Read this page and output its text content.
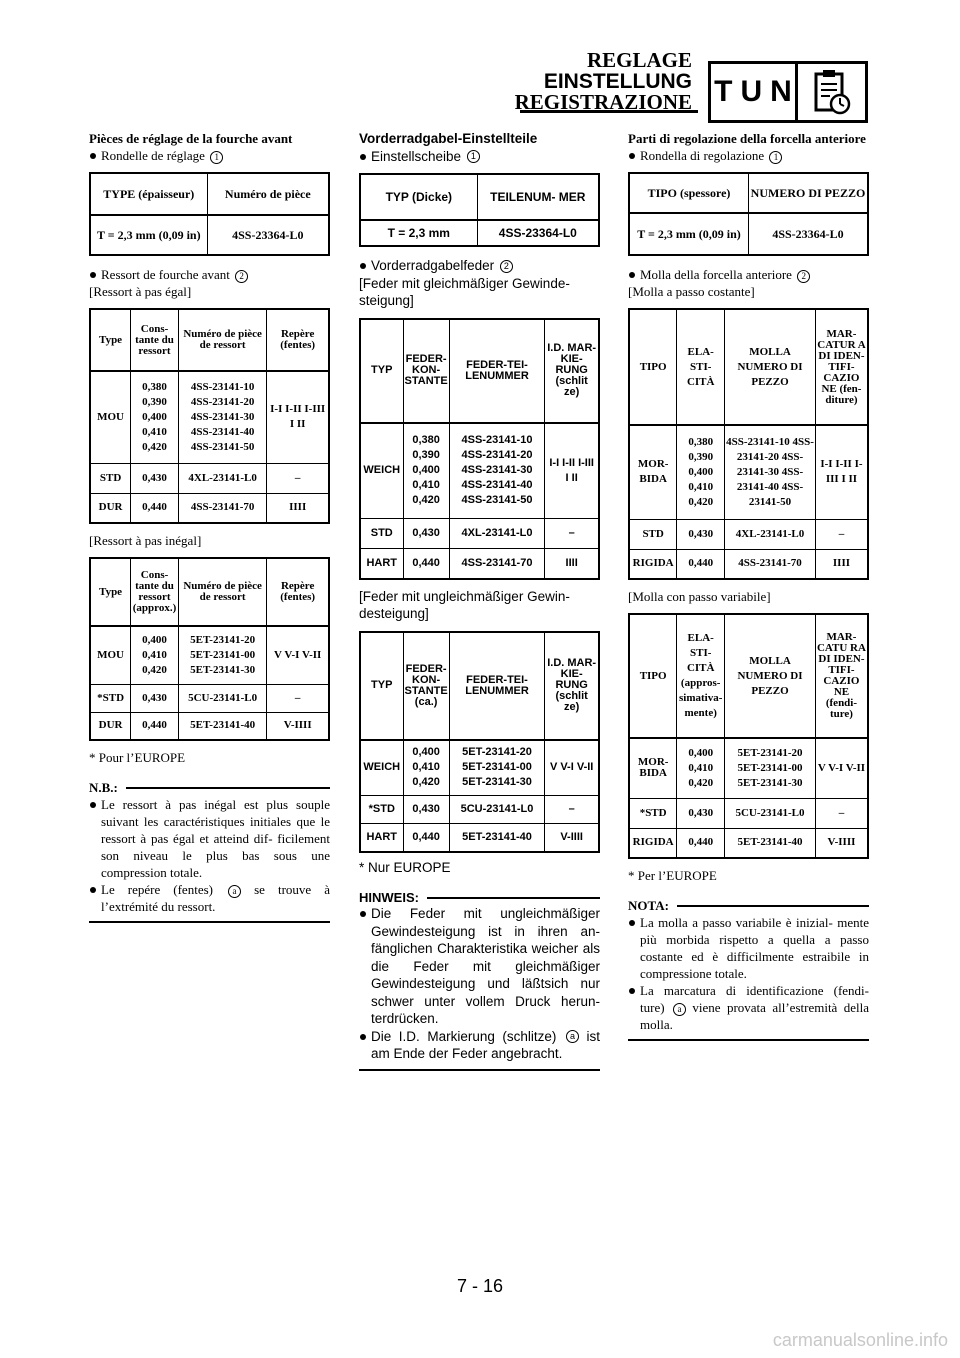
REGLAGE
EINSTELLUNG
REGISTRAZIONE TUN

Pièces de réglage de la fourche avant

Rondelle de réglage 1

TYPE (épaisseur)	Numéro de pièce
T = 2,3 mm (0,09 in)	4SS-23364-L0

Ressort de fourche avant 2

[Ressort à pas égal]

Type	Cons- tante du ressort	Numéro de pièce de ressort	Repère (fentes)
MOU	0,380 0,390 0,400 0,410 0,420	4SS-23141-10 4SS-23141-20 4SS-23141-30 4SS-23141-40 4SS-23141-50	I-I I-II I-III I II
STD	0,430	4XL-23141-L0	–
DUR	0,440	4SS-23141-70	IIII

[Ressort à pas inégal]

Type	Cons- tante du ressort (approx.)	Numéro de pièce de ressort	Repère (fentes)
MOU	0,400 0,410 0,420	5ET-23141-20 5ET-23141-00 5ET-23141-30	V V-I V-II
*STD	0,430	5CU-23141-L0	–
DUR	0,440	5ET-23141-40	V-IIII

* Pour l’EUROPE

N.B.:

Le ressort à pas inégal est plus souple suivant les caractéristiques initiales que le ressort à pas égal et atteind dif- ficilement son niveau le plus bas sous une compression totale.

Le repére (fentes) a se trouve à l’extrémité du ressort.

Vorderradgabel-Einstellteile

Einstellscheibe 1

TYP (Dicke)	TEILENUM- MER
T = 2,3 mm	4SS-23364-L0

Vorderradgabelfeder 2

[Feder mit gleichmäßiger Gewinde- steigung]

TYP	FEDER- KON- STANTE	FEDER-TEI- LENUMMER	I.D. MAR- KIE- RUNG (schlit ze)
WEICH	0,380 0,390 0,400 0,410 0,420	4SS-23141-10 4SS-23141-20 4SS-23141-30 4SS-23141-40 4SS-23141-50	I-I I-II I-III I II
STD	0,430	4XL-23141-L0	–
HART	0,440	4SS-23141-70	IIII

[Feder mit ungleichmäßiger Gewin- desteigung]

TYP	FEDER- KON- STANTE (ca.)	FEDER-TEI- LENUMMER	I.D. MAR- KIE- RUNG (schlit ze)
WEICH	0,400 0,410 0,420	5ET-23141-20 5ET-23141-00 5ET-23141-30	V V-I V-II
*STD	0,430	5CU-23141-L0	–
HART	0,440	5ET-23141-40	V-IIII

* Nur EUROPE

HINWEIS:

Die Feder mit ungleichmäßiger Gewindesteigung ist in ihren an- fänglichen Charakteristika weicher als die Feder mit gleichmäßiger Gewindesteigung und läßtsich nur schwer unter vollem Druck herun- terdrücken.

Die I.D. Markierung (schlitze) a ist am Ende der Feder angebracht.

Parti di regolazione della forcella anteriore

Rondella di regolazione 1

TIPO (spessore)	NUMERO DI PEZZO
T = 2,3 mm (0,09 in)	4SS-23364-L0

Molla della forcella anteriore 2

[Molla a passo costante]

TIPO	ELA- STI- CITÀ	MOLLA NUMERO DI PEZZO	MAR- CATUR A DI IDEN- TIFI- CAZIO NE (fen- diture)
MOR- BIDA	0,380 0,390 0,400 0,410 0,420	4SS-23141-10 4SS-23141-20 4SS-23141-30 4SS-23141-40 4SS-23141-50	I-I I-II I-III I II
STD	0,430	4XL-23141-L0	–
RIGIDA	0,440	4SS-23141-70	IIII

[Molla con passo variabile]

TIPO	ELA- STI- CITÀ (appros- simativa- mente)	MOLLA NUMERO DI PEZZO	MAR- CATU RA DI IDEN- TIFI- CAZIO NE (fendi- ture)
MOR- BIDA	0,400 0,410 0,420	5ET-23141-20 5ET-23141-00 5ET-23141-30	V V-I V-II
*STD	0,430	5CU-23141-L0	–
RIGIDA	0,440	5ET-23141-40	V-IIII

* Per l’EUROPE

NOTA:

La molla a passo variabile è inizial- mente più morbida rispetto a quella a passo costante ed è difficilmente estraibile in compressione totale.

La marcatura di identificazione (fendi- ture) a viene provata all’estremità della molla.

7 - 16
carmanualsonline.info
